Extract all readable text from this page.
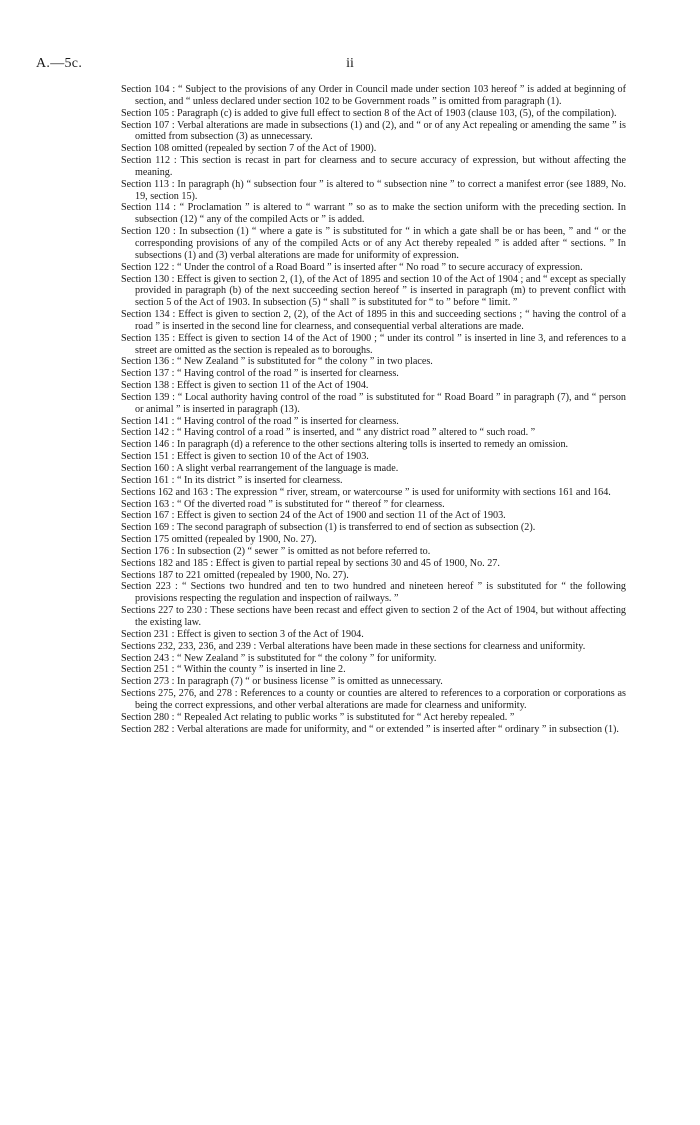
A.—5c.	ii

Section 104 : “ Subject to the provisions of any Order in Council made under section 103 hereof ” is added at beginning of section, and “ unless declared under section 102 to be Government roads ” is omitted from paragraph (1).

Section 105 : Paragraph (c) is added to give full effect to section 8 of the Act of 1903 (clause 103, (5), of the compilation).

Section 107 : Verbal alterations are made in subsections (1) and (2), and “ or of any Act repealing or amending the same ” is omitted from subsection (3) as unnecessary.

Section 108 omitted (repealed by section 7 of the Act of 1900).

Section 112 : This section is recast in part for clearness and to secure accuracy of expression, but without affecting the meaning.

Section 113 : In paragraph (h) “ subsection four ” is altered to “ subsection nine ” to correct a manifest error (see 1889, No. 19, section 15).

Section 114 : “ Proclamation ” is altered to “ warrant ” so as to make the section uniform with the preceding section. In subsection (12) “ any of the compiled Acts or ” is added.

Section 120 : In subsection (1) “ where a gate is ” is substituted for “ in which a gate shall be or has been, ” and “ or the corresponding provisions of any of the compiled Acts or of any Act thereby repealed ” is added after “ sections. ” In subsections (1) and (3) verbal alterations are made for uniformity of expression.

Section 122 : “ Under the control of a Road Board ” is inserted after “ No road ” to secure accuracy of expression.

Section 130 : Effect is given to section 2, (1), of the Act of 1895 and section 10 of the Act of 1904 ; and “ except as specially provided in paragraph (b) of the next succeeding section hereof ” is inserted in paragraph (m) to prevent conflict with section 5 of the Act of 1903. In subsection (5) “ shall ” is substituted for “ to ” before “ limit. ”

Section 134 : Effect is given to section 2, (2), of the Act of 1895 in this and succeeding sections ; “ having the control of a road ” is inserted in the second line for clearness, and consequential verbal alterations are made.

Section 135 : Effect is given to section 14 of the Act of 1900 ; “ under its control ” is inserted in line 3, and references to a street are omitted as the section is repealed as to boroughs.

Section 136 : “ New Zealand ” is substituted for “ the colony ” in two places.

Section 137 : “ Having control of the road ” is inserted for clearness.

Section 138 : Effect is given to section 11 of the Act of 1904.

Section 139 : “ Local authority having control of the road ” is substituted for “ Road Board ” in paragraph (7), and “ person or animal ” is inserted in paragraph (13).

Section 141 : “ Having control of the road ” is inserted for clearness.

Section 142 : “ Having control of a road ” is inserted, and “ any district road ” altered to “ such road. ”

Section 146 : In paragraph (d) a reference to the other sections altering tolls is inserted to remedy an omission.

Section 151 : Effect is given to section 10 of the Act of 1903.

Section 160 : A slight verbal rearrangement of the language is made.

Section 161 : “ In its district ” is inserted for clearness.

Sections 162 and 163 : The expression “ river, stream, or watercourse ” is used for uniformity with sections 161 and 164.

Section 163 : “ Of the diverted road ” is substituted for “ thereof ” for clearness.

Section 167 : Effect is given to section 24 of the Act of 1900 and section 11 of the Act of 1903.

Section 169 : The second paragraph of subsection (1) is transferred to end of section as subsection (2).

Section 175 omitted (repealed by 1900, No. 27).

Section 176 : In subsection (2) “ sewer ” is omitted as not before referred to.

Sections 182 and 185 : Effect is given to partial repeal by sections 30 and 45 of 1900, No. 27.

Sections 187 to 221 omitted (repealed by 1900, No. 27).

Section 223 : “ Sections two hundred and ten to two hundred and nineteen hereof ” is substituted for “ the following provisions respecting the regulation and inspection of railways. ”

Sections 227 to 230 : These sections have been recast and effect given to section 2 of the Act of 1904, but without affecting the existing law.

Section 231 : Effect is given to section 3 of the Act of 1904.

Sections 232, 233, 236, and 239 : Verbal alterations have been made in these sections for clearness and uniformity.

Section 243 : “ New Zealand ” is substituted for “ the colony ” for uniformity.

Section 251 : “ Within the county ” is inserted in line 2.

Section 273 : In paragraph (7) “ or business license ” is omitted as unnecessary.

Sections 275, 276, and 278 : References to a county or counties are altered to references to a corporation or corporations as being the correct expressions, and other verbal alterations are made for clearness and uniformity.

Section 280 : “ Repealed Act relating to public works ” is substituted for “ Act hereby repealed. ”

Section 282 : Verbal alterations are made for uniformity, and “ or extended ” is inserted after “ ordinary ” in subsection (1).
